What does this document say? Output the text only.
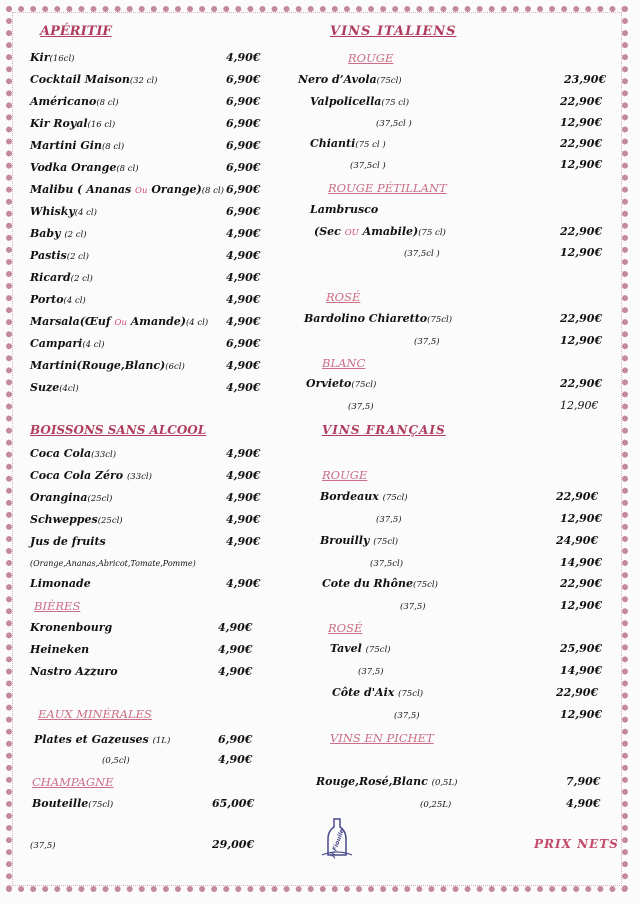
APÉRITIF
Kir(16cl)	4,90€
Cocktail Maison(32 cl)	6,90€
Américano(8 cl)	6,90€
Kir Royal(16 cl)	6,90€
Martini Gin(8 cl)	6,90€
Vodka Orange(8 cl)	6,90€
Malibu ( Ananas Ou Orange)(8 cl) 6,90€
Whisky(4 cl)	6,90€
Baby (2 cl)	4,90€
Pastis(2 cl)	4,90€
Ricard(2 cl)	4,90€
Porto(4 cl)	4,90€
Marsala(Œuf Ou Amande)(4 cl) 4,90€
Campari(4 cl)	6,90€
Martini(Rouge,Blanc)(6cl)	4,90€
Suze(4cl)	4,90€
BOISSONS SANS ALCOOL
Coca Cola(33cl)	4,90€
Coca Cola Zéro (33cl)	4,90€
Orangina(25cl)	4,90€
Schweppes(25cl)	4,90€
Jus de fruits	4,90€
Limonade	4,90€
(Orange,Ananas,Abricot,Tomate,Pomme)
BIÈRES
Kronenbourg	4,90€
Heineken	4,90€
Nastro Azzuro	4,90€
EAUX MINÉRALES
Plates et Gazeuses (1L)	6,90€
(0,5cl)	4,90€
CHAMPAGNE
Bouteille(75cl)	65,00€
(37,5)	29,00€
VINS ITALIENS
ROUGE
Nero d’Avola(75cl)	23,90€
Valpolicella(75 cl)	22,90€
(37,5cl )	12,90€
Chianti(75 cl )	22,90€
(37,5cl )	12,90€
ROUGE PÉTILLANT
Lambrusco
(Sec OU Amabile)(75 cl)	22,90€
(37,5cl )	12,90€
ROSÉ
Bardolino Chiaretto(75cl)	22,90€
(37,5)	12,90€
BLANC
Orvieto(75cl)	22,90€
(37,5)	12,90€
VINS FRANÇAIS
ROUGE
Bordeaux (75cl)	22,90€
(37,5)	12,90€
Brouilly (75cl)	24,90€
(37,5cl)	14,90€
Cote du Rhône(75cl)	22,90€
(37,5)	12,90€
ROSÉ
Tavel (75cl)	25,90€
(37,5)	14,90€
Côte d'Aix (75cl)	22,90€
(37,5)	12,90€
VINS EN PICHET
Rouge,Rosé,Blanc (0,5L)	7,90€
(0,25L)	4,90€
Jl-Fiouile	PRIX NETS
